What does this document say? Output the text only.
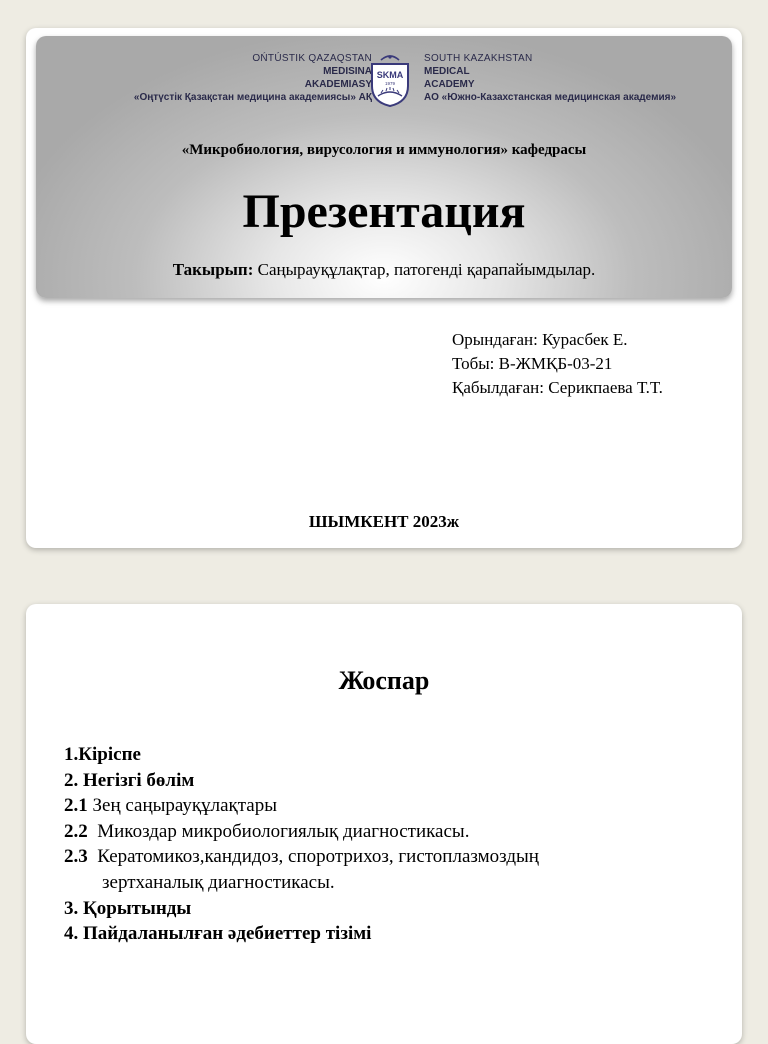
OŃTÚSTIK QAZAQSTAN
MEDISINA
AKADEMIASY
«Оңтүстік Қазақстан медицина академиясы» АҚ
SKMA
1979
SOUTH KAZAKHSTAN
MEDICAL
ACADEMY
АО «Южно-Казахстанская медицинская академия»
«Микробиология, вирусология и иммунология» кафедрасы
Презентация
Такырып: Саңырауқұлақтар, патогенді қарапайымдылар.
Орындаған: Курасбек Е.
Тобы: В-ЖМҚБ-03-21
Қабылдаған: Серикпаева Т.Т.
ШЫМКЕНТ 2023ж
Жоспар
1.Кіріспе
2. Негізгі бөлім
2.1 Зең саңырауқұлақтары
2.2  Микоздар микробиологиялық диагностикасы.
2.3  Кератомикоз,кандидоз, споротрихоз, гистоплазмоздың
зертханалық диагностикасы.
3. Қорытынды
4. Пайдаланылған әдебиеттер тізімі
